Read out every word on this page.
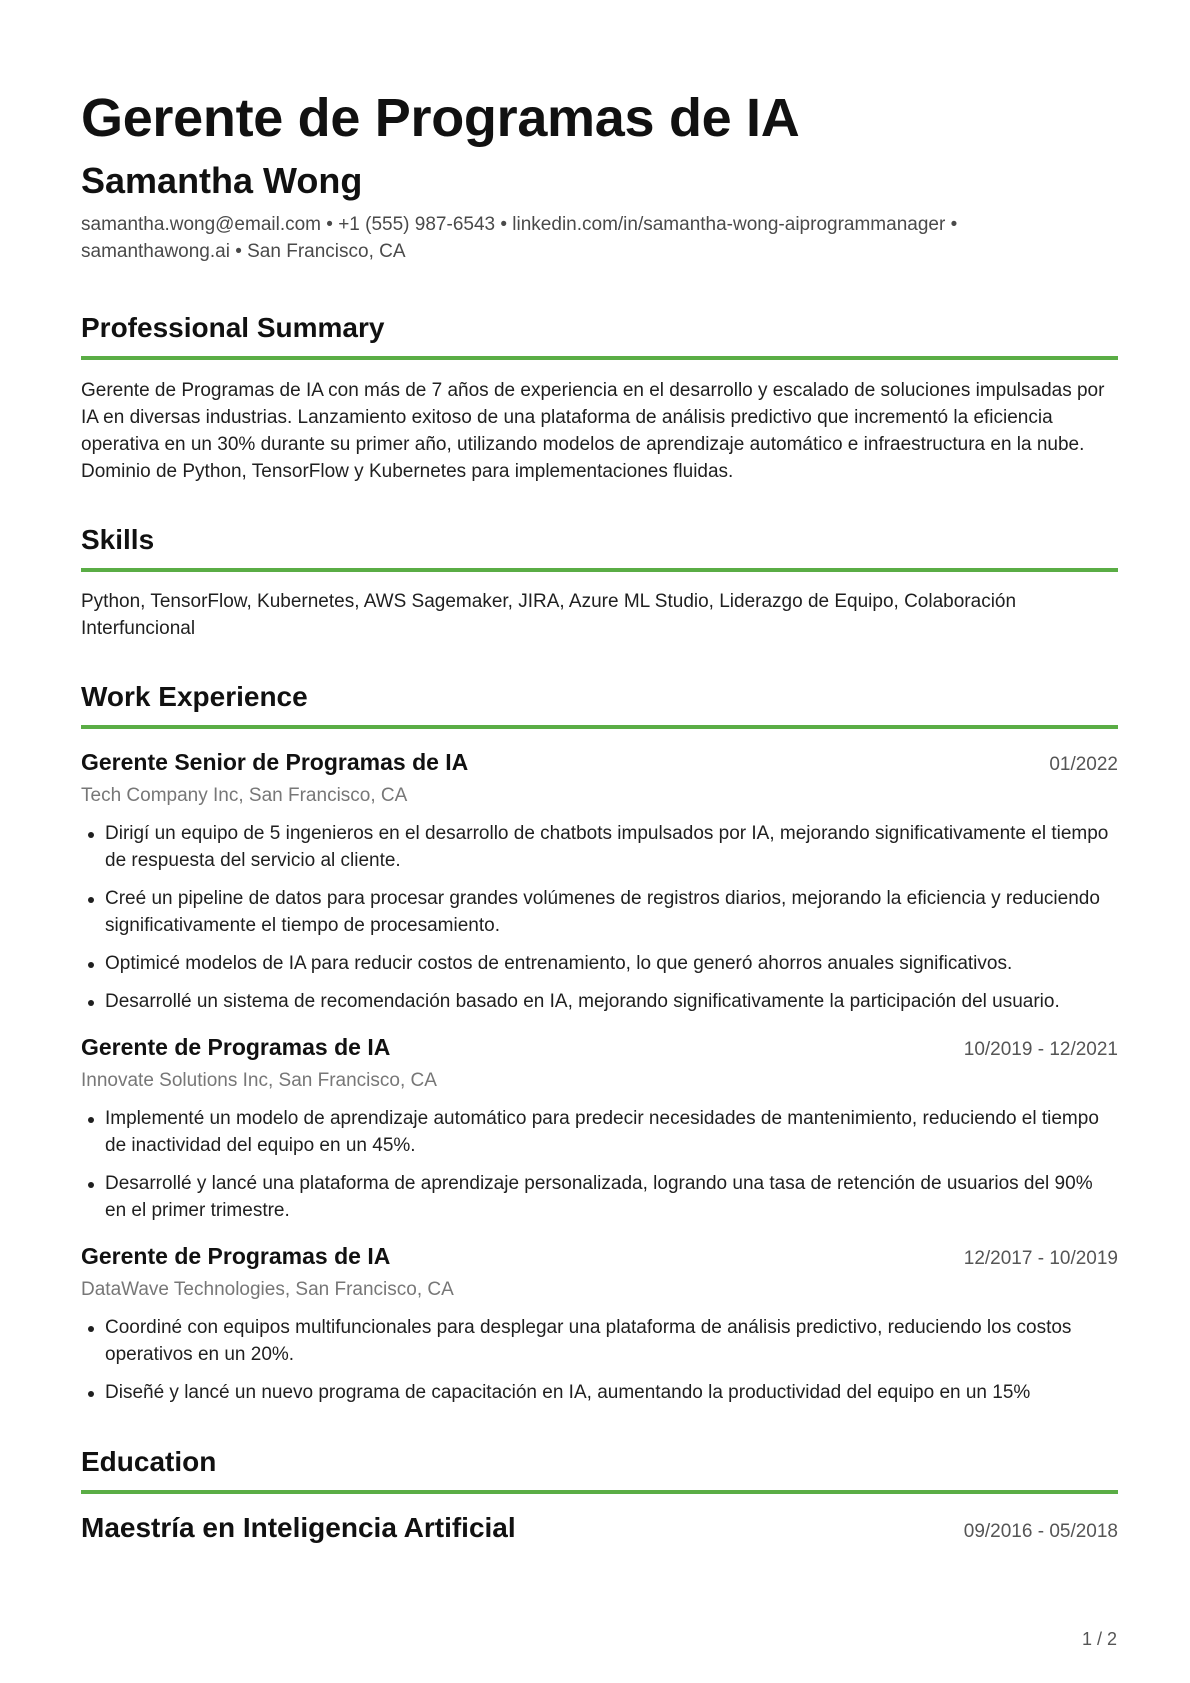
Gerente de Programas de IA
Samantha Wong
samantha.wong@email.com • +1 (555) 987-6543 • linkedin.com/in/samantha-wong-aiprogrammanager •
samanthawong.ai • San Francisco, CA
Professional Summary

Gerente de Programas de IA con más de 7 años de experiencia en el desarrollo y escalado de soluciones impulsadas por IA en diversas industrias. Lanzamiento exitoso de una plataforma de análisis predictivo que incrementó la eficiencia operativa en un 30% durante su primer año, utilizando modelos de aprendizaje automático e infraestructura en la nube. Dominio de Python, TensorFlow y Kubernetes para implementaciones fluidas.

Skills

Python, TensorFlow, Kubernetes, AWS Sagemaker, JIRA, Azure ML Studio, Liderazgo de Equipo, Colaboración Interfuncional

Work Experience
Gerente Senior de Programas de IA	01/2022
Tech Company Inc, San Francisco, CA
Dirigí un equipo de 5 ingenieros en el desarrollo de chatbots impulsados por IA, mejorando significativamente el tiempo de respuesta del servicio al cliente.
Creé un pipeline de datos para procesar grandes volúmenes de registros diarios, mejorando la eficiencia y reduciendo significativamente el tiempo de procesamiento.
Optimicé modelos de IA para reducir costos de entrenamiento, lo que generó ahorros anuales significativos.
Desarrollé un sistema de recomendación basado en IA, mejorando significativamente la participación del usuario.
Gerente de Programas de IA	10/2019 - 12/2021
Innovate Solutions Inc, San Francisco, CA
Implementé un modelo de aprendizaje automático para predecir necesidades de mantenimiento, reduciendo el tiempo de inactividad del equipo en un 45%.
Desarrollé y lancé una plataforma de aprendizaje personalizada, logrando una tasa de retención de usuarios del 90% en el primer trimestre.
Gerente de Programas de IA	12/2017 - 10/2019
DataWave Technologies, San Francisco, CA
Coordiné con equipos multifuncionales para desplegar una plataforma de análisis predictivo, reduciendo los costos operativos en un 20%.
Diseñé y lancé un nuevo programa de capacitación en IA, aumentando la productividad del equipo en un 15%
Education
Maestría en Inteligencia Artificial	09/2016 - 05/2018
1 / 2
